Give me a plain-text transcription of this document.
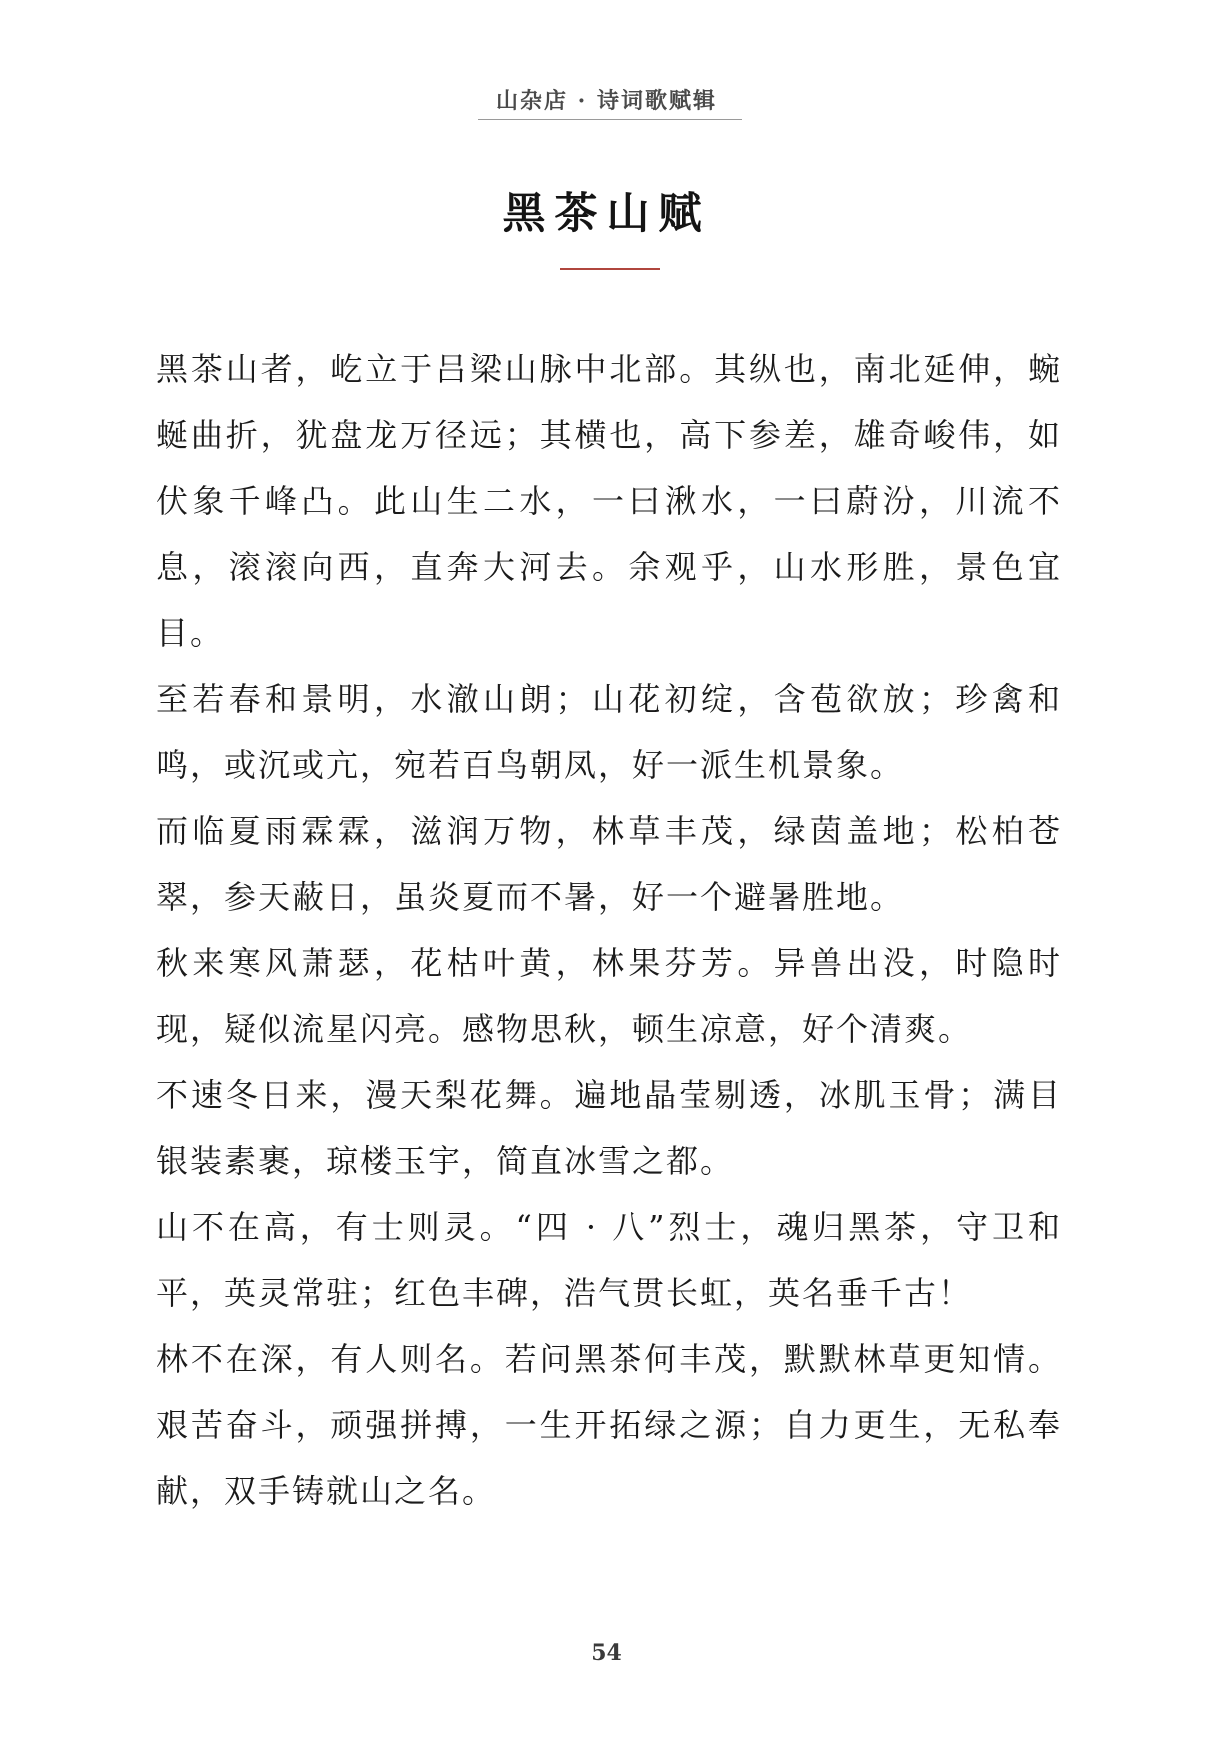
山杂店 · 诗词歌赋辑
黑茶山赋

黑茶山者，屹立于吕梁山脉中北部。其纵也，南北延伸，蜿蜒曲折，犹盘龙万径远；其横也，高下参差，雄奇峻伟，如伏象千峰凸。此山生二水，一曰湫水，一曰蔚汾，川流不息，滚滚向西，直奔大河去。余观乎，山水形胜，景色宜目。

至若春和景明，水澈山朗；山花初绽，含苞欲放；珍禽和鸣，或沉或亢，宛若百鸟朝凤，好一派生机景象。

而临夏雨霖霖，滋润万物，林草丰茂，绿茵盖地；松柏苍翠，参天蔽日，虽炎夏而不暑，好一个避暑胜地。

秋来寒风萧瑟，花枯叶黄，林果芬芳。异兽出没，时隐时现，疑似流星闪亮。感物思秋，顿生凉意，好个清爽。

不速冬日来，漫天梨花舞。遍地晶莹剔透，冰肌玉骨；满目银装素裹，琼楼玉宇，简直冰雪之都。

山不在高，有士则灵。“四 · 八”烈士，魂归黑茶，守卫和平，英灵常驻；红色丰碑，浩气贯长虹，英名垂千古！

林不在深，有人则名。若问黑茶何丰茂，默默林草更知情。艰苦奋斗，顽强拼搏，一生开拓绿之源；自力更生，无私奉献，双手铸就山之名。

54
